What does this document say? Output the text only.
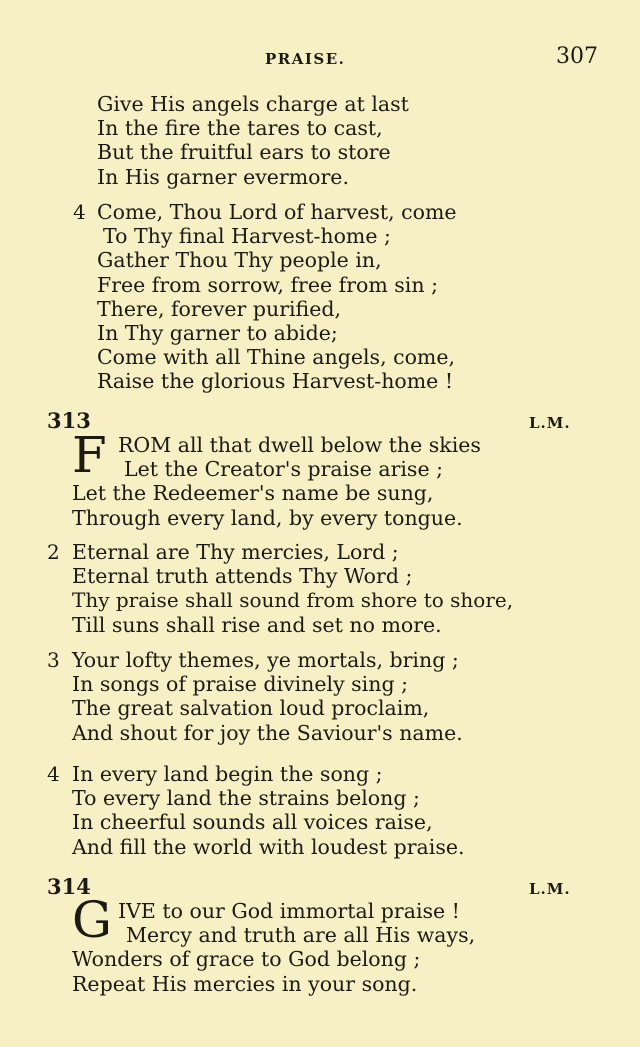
PRAISE.	307
Give His angels charge at last
In the fire the tares to cast,
But the fruitful ears to store
In His garner evermore.
4 Come, Thou Lord of harvest, come
To Thy final Harvest-home ;
Gather Thou Thy people in,
Free from sorrow, free from sin ;
There, forever purified,
In Thy garner to abide;
Come with all Thine angels, come,
Raise the glorious Harvest-home !
313	L.M.
F ROM all that dwell below the skies
Let the Creator's praise arise ;
Let the Redeemer's name be sung,
Through every land, by every tongue.
2 Eternal are Thy mercies, Lord ;
Eternal truth attends Thy Word ;
Thy praise shall sound from shore to shore,
Till suns shall rise and set no more.
3 Your lofty themes, ye mortals, bring ;
In songs of praise divinely sing ;
The great salvation loud proclaim,
And shout for joy the Saviour's name.
4 In every land begin the song ;
To every land the strains belong ;
In cheerful sounds all voices raise,
And fill the world with loudest praise.
314	L.M.
G IVE to our God immortal praise !
Mercy and truth are all His ways,
Wonders of grace to God belong ;
Repeat His mercies in your song.
